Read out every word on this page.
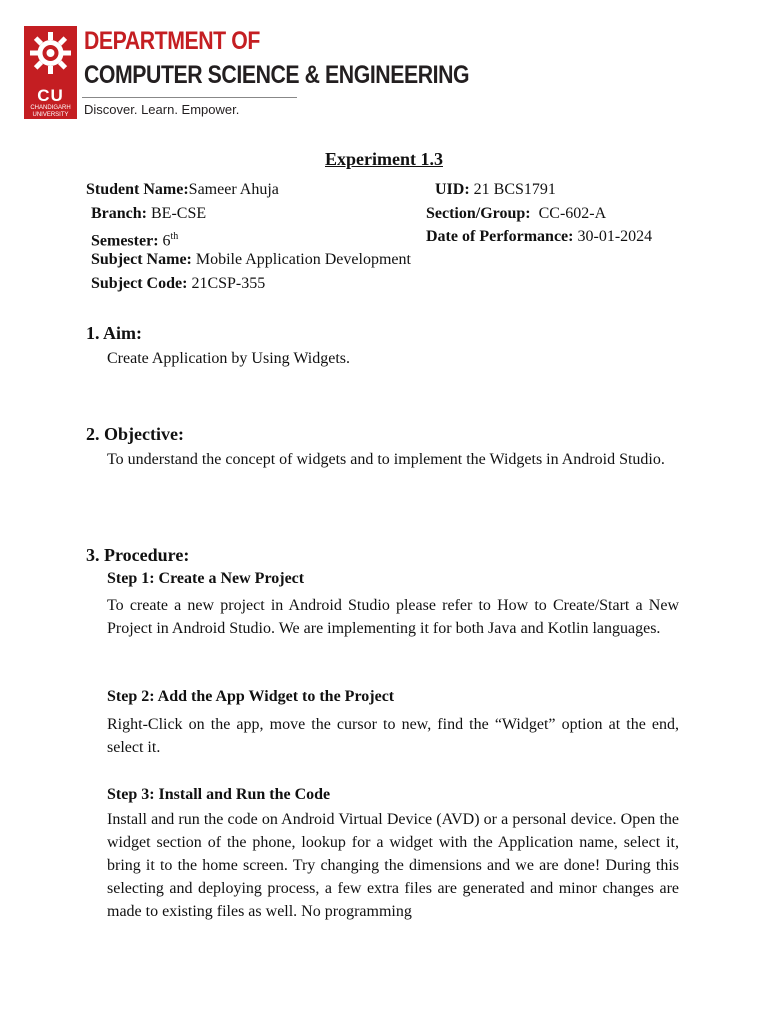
CU
CHANDIGARH UNIVERSITY
DEPARTMENT OF
COMPUTER SCIENCE & ENGINEERING
Discover. Learn. Empower.
Experiment 1.3
Student Name:Sameer Ahuja	UID: 21 BCS1791
Branch: BE-CSE	Section/Group: CC-602-A
Semester: 6th	Date of Performance: 30-01-2024
Subject Name: Mobile Application Development
Subject Code: 21CSP-355
1. Aim:
Create Application by Using Widgets.
2. Objective:
To understand the concept of widgets and to implement the Widgets in Android Studio.
3. Procedure:
Step 1: Create a New Project
To create a new project in Android Studio please refer to How to Create/Start a New Project in Android Studio. We are implementing it for both Java and Kotlin languages.
Step 2: Add the App Widget to the Project
Right-Click on the app, move the cursor to new, find the “Widget” option at the end, select it.
Step 3: Install and Run the Code
Install and run the code on Android Virtual Device (AVD) or a personal device. Open the widget section of the phone, lookup for a widget with the Application name, select it, bring it to the home screen. Try changing the dimensions and we are done! During this selecting and deploying process, a few extra files are generated and minor changes are made to existing files as well. No programming
